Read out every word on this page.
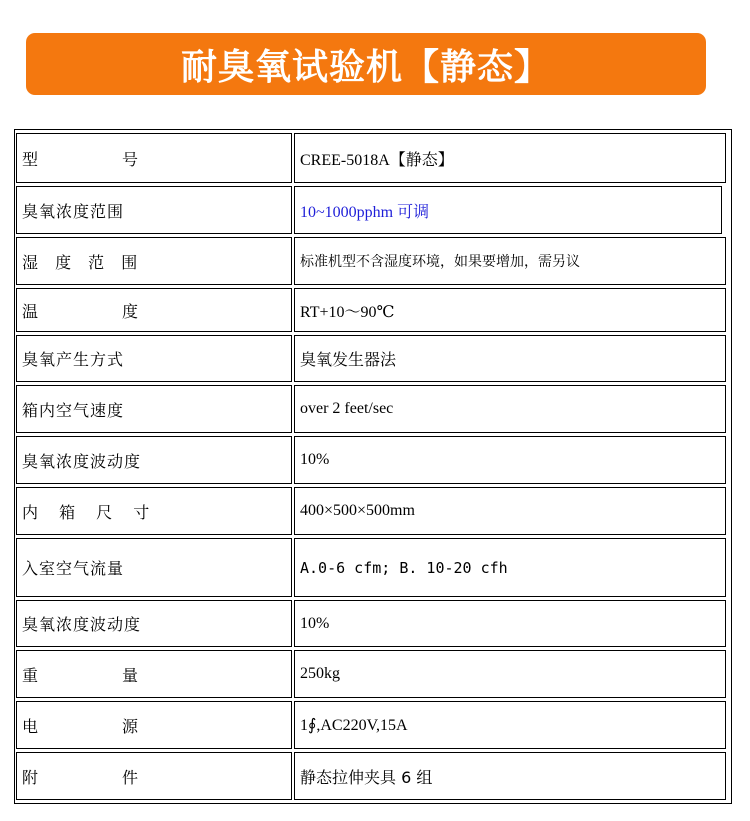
耐臭氧试验机【静态】
型　　　　号	CREE-5018A【静态】
臭氧浓度范围	10~1000pphm 可调
湿 度 范 围	标准机型不含湿度环境，如果要增加，需另议
温　　　　度	RT+10～90℃
臭氧产生方式	臭氧发生器法
箱内空气速度	over 2 feet/sec
臭氧浓度波动度	10%
内 箱 尺 寸	400×500×500mm
入室空气流量	A.0-6 cfm; B. 10-20 cfh
臭氧浓度波动度	10%
重　　　　量	250kg
电　　　　源	1∮,AC220V,15A
附　　　　件	静态拉伸夹具 6 组
